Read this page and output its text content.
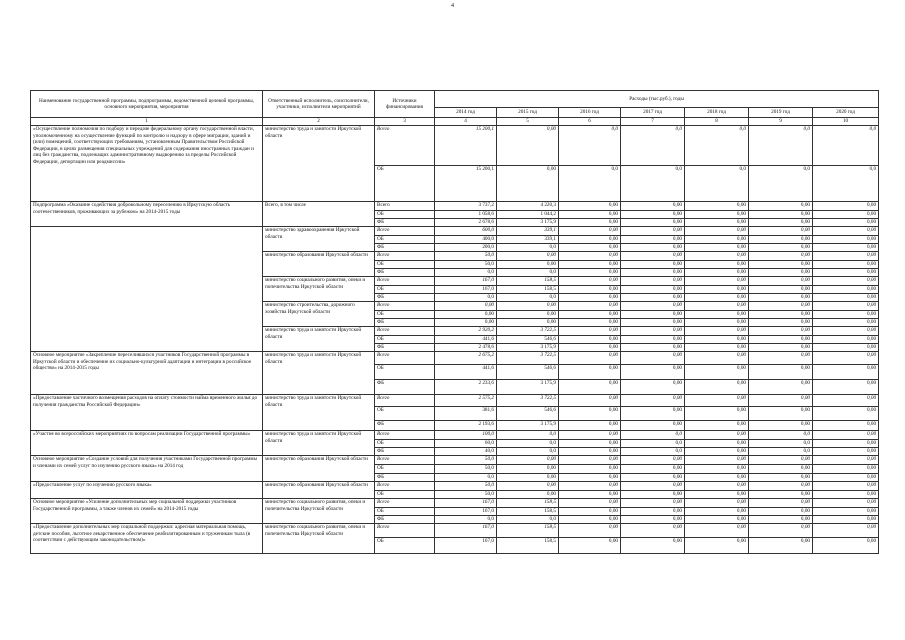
4
Наименование государственной программы, подпрограммы, ведомственной целевой программы, основного мероприятия, мероприятия	Ответственный исполнитель, соисполнители, участники, исполнители мероприятий	Источники финансирования	Расходы (тыс.руб.), годы						
			2014 год	2015 год	2016 год	2017 год	2018 год	2019 год	2020 год
1	2	3	4	5	6	7	8	9	10
«Осуществление полномочия по подбору и передаче федеральному органу государственной власти, уполномоченному на осуществление функций по контролю и надзору в сфере миграции, зданий и (или) помещений, соответствующих требованиям, установленным Правительством Российской Федерации, в целях размещения специальных учреждений для содержания иностранных граждан и лиц без гражданства, подлежащих административному выдворению за пределы Российской Федерации, депортации или реадмиссии»	министерство труда и занятости Иркутской области	Всего	15 200,1	0,00	0,0	0,0	0,0	0,0	0,0
		ОБ	15 200,1	0,00	0,0	0,0	0,0	0,0	0,0
Подпрограмма «Оказание содействия добровольному переселению в Иркутскую область соотечественников, проживающих за рубежом» на 2014-2015 годы	Всего, в том числе	Всего	3 737,2	4 220,3	0,00	0,00	0,00	0,00	0,00
		ОБ	1 058,6	1 044,2	0,00	0,00	0,00	0,00	0,00
		ФБ	2 678,6	3 175,9	0,00	0,00	0,00	0,00	0,00
	министерство здравоохранения Иркутской области	Всего	600,0	339,1	0,00	0,00	0,00	0,00	0,00
		ОБ	400,0	339,1	0,00	0,00	0,00	0,00	0,00
		ФБ	200,0	0,0	0,00	0,00	0,00	0,00	0,00
	министерство образования Иркутской области	Всего	50,0	0,00	0,00	0,00	0,00	0,00	0,00
		ОБ	50,0	0,00	0,00	0,00	0,00	0,00	0,00
		ФБ	0,0	0,0	0,00	0,00	0,00	0,00	0,00
	министерство социального развития, опеки и попечительства Иркутской области	Всего	167,0	158,5	0,00	0,00	0,00	0,00	0,00
		ОБ	167,0	158,5	0,00	0,00	0,00	0,00	0,00
		ФБ	0,0	0,0	0,00	0,00	0,00	0,00	0,00
	министерство строительства, дорожного хозяйства Иркутской области	Всего	0,00	0,00	0,00	0,00	0,00	0,00	0,00
		ОБ	0,00	0,00	0,00	0,00	0,00	0,00	0,00
		ФБ	0,00	0,00	0,00	0,00	0,00	0,00	0,00
	министерство труда и занятости Иркутской области	Всего	2 920,2	3 722,5	0,00	0,00	0,00	0,00	0,00
		ОБ	441,6	546,6	0,00	0,00	0,00	0,00	0,00
		ФБ	2 478,6	3 175,9	0,00	0,00	0,00	0,00	0,00
Основное мероприятие «Закрепление переселившихся участников Государственной программы в Иркутской области и обеспечение их социально-культурной адаптации и интеграции в российское общество» на 2014-2015 годы	министерство труда и занятости Иркутской области	Всего	2 675,2	3 722,5	0,00	0,00	0,00	0,00	0,00
		ОБ	441,6	546,6	0,00	0,00	0,00	0,00	0,00
		ФБ	2 233,6	3 175,9	0,00	0,00	0,00	0,00	0,00
«Предоставление частичного возмещения расходов на оплату стоимости найма временного жилья до получения гражданства Российской Федерации»	министерство труда и занятости Иркутской области	Всего	2 575,2	3 722,5	0,00	0,00	0,00	0,00	0,00
		ОБ	381,6	546,6	0,00	0,00	0,00	0,00	0,00
		ФБ	2 193,6	3 175,9	0,00	0,00	0,00	0,00	0,00
«Участие во всероссийских мероприятиях по вопросам реализации Государственной программы»	министерство труда и занятости Иркутской области	Всего	100,0	0,0	0,00	0,0	0,00	0,0	0,00
		ОБ	60,0	0,0	0,00	0,0	0,00	0,0	0,00
		ФБ	40,0	0,0	0,00	0,0	0,00	0,0	0,00
Основное мероприятие «Создание условий для получения участниками Государственной программы и членами их семей услуг по изучению русского языка» на 2014 год	министерство образования Иркутской области	Всего	50,0	0,00	0,00	0,00	0,00	0,00	0,00
		ОБ	50,0	0,00	0,00	0,00	0,00	0,00	0,00
		ФБ	0,0	0,00	0,00	0,00	0,00	0,00	0,00
«Предоставление услуг по изучению русского языка»	министерство образования Иркутской области	Всего	50,0	0,00	0,00	0,00	0,00	0,00	0,00
		ОБ	50,0	0,00	0,00	0,00	0,00	0,00	0,00
Основное мероприятие «Усиление дополнительных мер социальной поддержки участников Государственной программы, а также членов их семей» на 2014-2015 годы	министерство социального развития, опеки и попечительства Иркутской области	Всего	167,0	158,5	0,00	0,00	0,00	0,00	0,00
		ОБ	167,0	158,5	0,00	0,00	0,00	0,00	0,00
		ФБ	0,0	0,0	0,00	0,00	0,00	0,00	0,00
«Предоставление дополнительных мер социальной поддержки: адресная материальная помощь, детские пособия, льготное лекарственное обеспечение реабилитированным и труженикам тыла (в соответствии с действующим законодательством)»	министерство социального развития, опеки и попечительства Иркутской области	Всего	167,0	158,5	0,00	0,00	0,00	0,00	0,00
		ОБ	167,0	158,5	0,00	0,00	0,00	0,00	0,00
